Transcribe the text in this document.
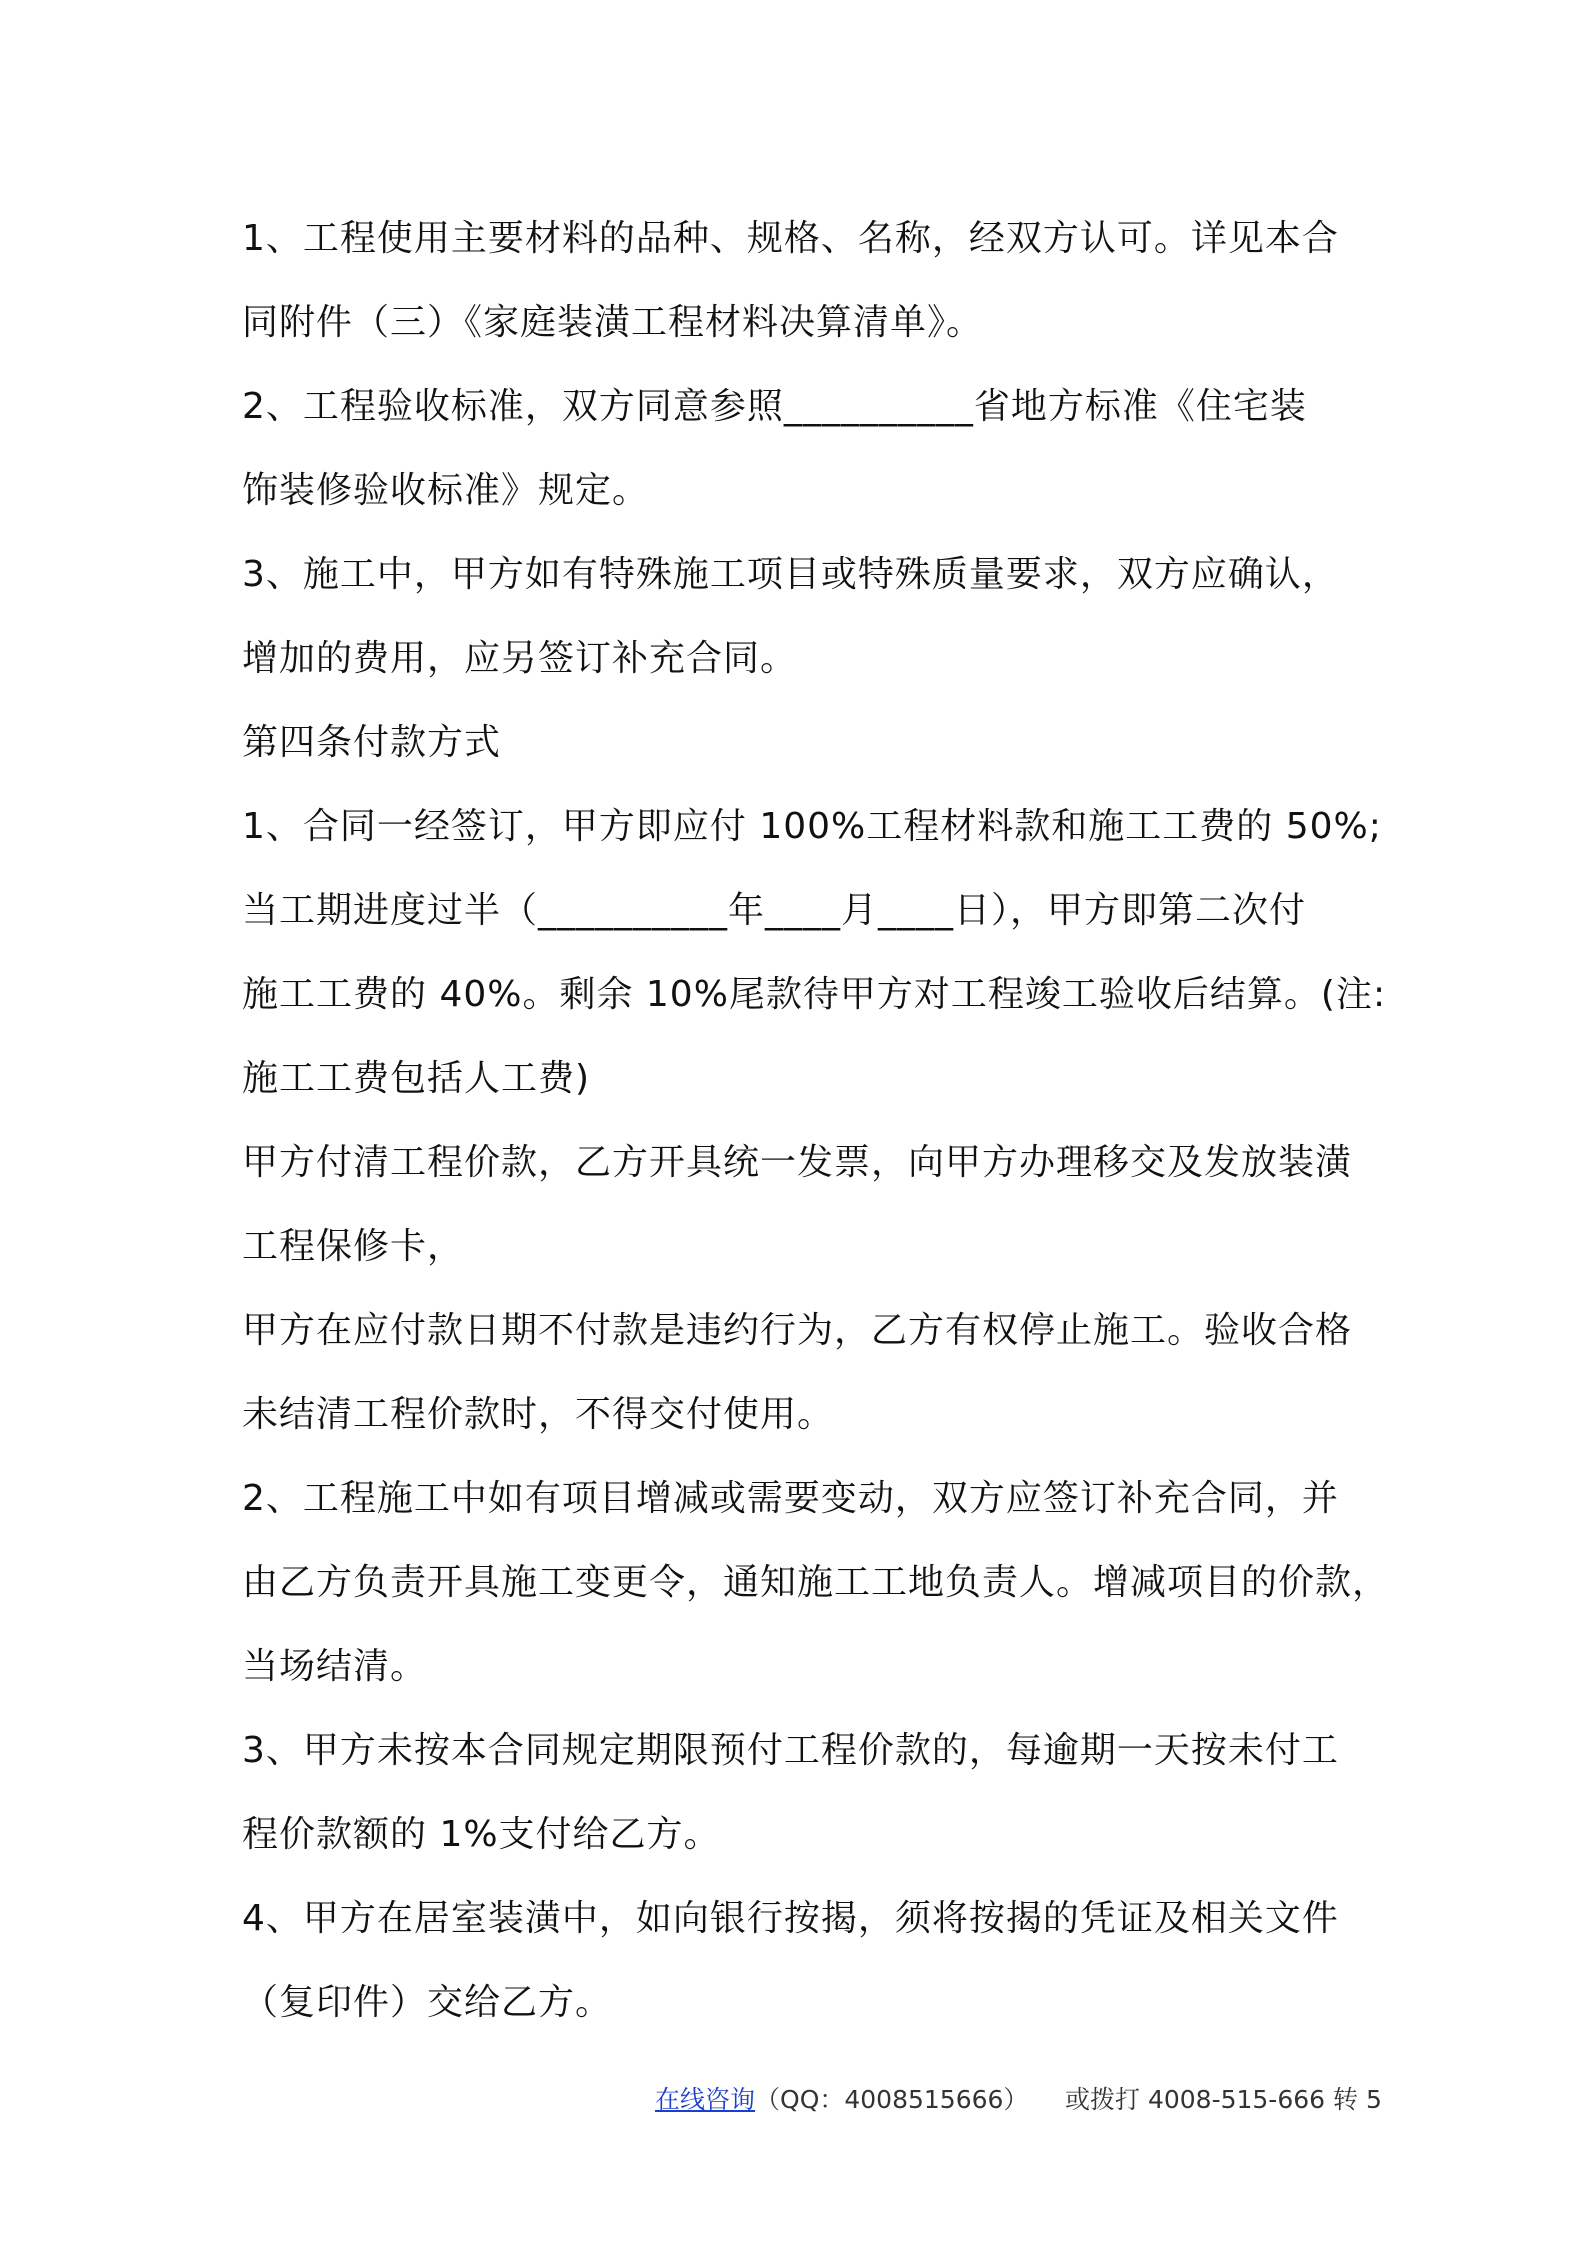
1、工程使用主要材料的品种、规格、名称，经双方认可。详见本合
同附件（三）《家庭装潢工程材料决算清单》。
2、工程验收标准，双方同意参照__________省地方标准《住宅装
饰装修验收标准》规定。
3、施工中，甲方如有特殊施工项目或特殊质量要求，双方应确认，
增加的费用，应另签订补充合同。
第四条付款方式
1、合同一经签订，甲方即应付 100%工程材料款和施工工费的 50%;
当工期进度过半（__________年____月____日），甲方即第二次付
施工工费的 40%。剩余 10%尾款待甲方对工程竣工验收后结算。(注:
施工工费包括人工费)
甲方付清工程价款，乙方开具统一发票，向甲方办理移交及发放装潢
工程保修卡，
甲方在应付款日期不付款是违约行为，乙方有权停止施工。验收合格
未结清工程价款时，不得交付使用。
2、工程施工中如有项目增减或需要变动，双方应签订补充合同，并
由乙方负责开具施工变更令，通知施工工地负责人。增减项目的价款，
当场结清。
3、甲方未按本合同规定期限预付工程价款的，每逾期一天按未付工
程价款额的 1%支付给乙方。
4、甲方在居室装潢中，如向银行按揭，须将按揭的凭证及相关文件
（复印件）交给乙方。
在线咨询（QQ：4008515666） 或拨打 4008-515-666 转 5
